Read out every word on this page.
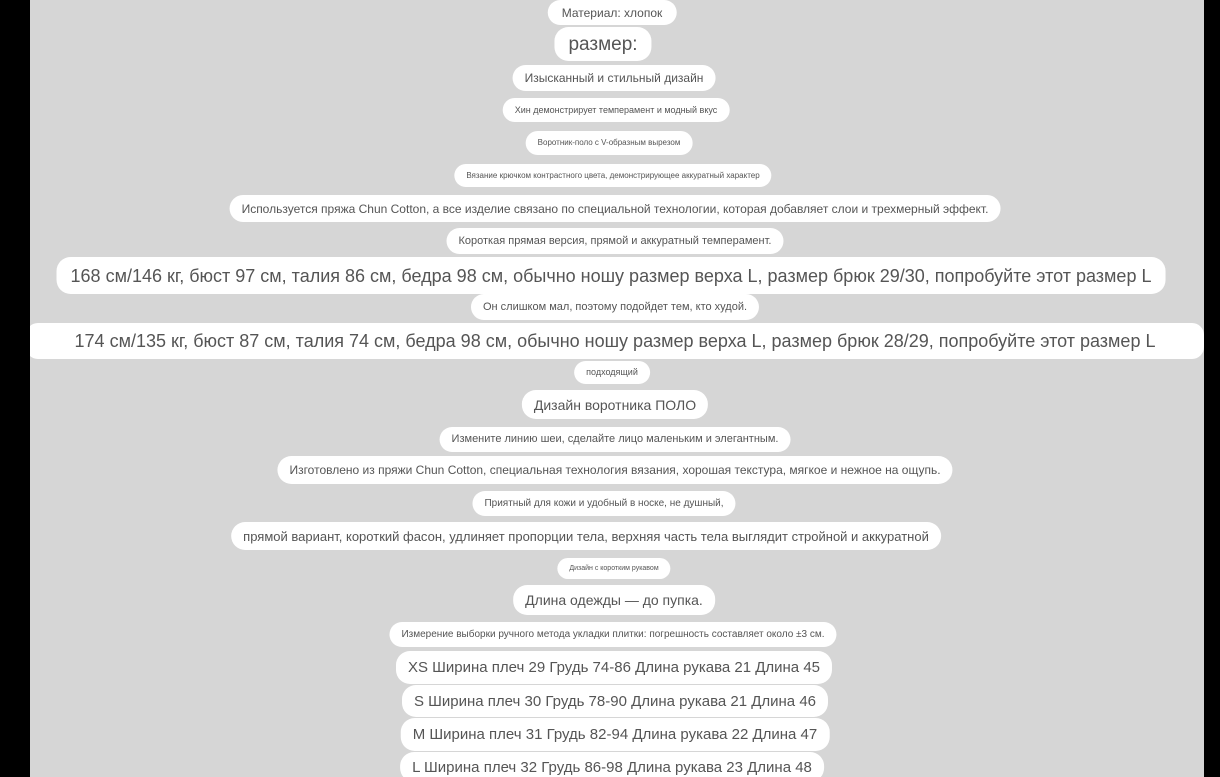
Материал: хлопок
размер:
Изысканный и стильный дизайн
Хин демонстрирует темперамент и модный вкус
Воротник-поло с V-образным вырезом
Вязание крючком контрастного цвета, демонстрирующее аккуратный характер
Используется пряжа Chun Cotton, а все изделие связано по специальной технологии, которая добавляет слои и трехмерный эффект.
Короткая прямая версия, прямой и аккуратный темперамент.
168 см/146 кг, бюст 97 см, талия 86 см, бедра 98 см, обычно ношу размер верха L, размер брюк 29/30, попробуйте этот размер L
Он слишком мал, поэтому подойдет тем, кто худой.
174 см/135 кг, бюст 87 см, талия 74 см, бедра 98 см, обычно ношу размер верха L, размер брюк 28/29, попробуйте этот размер L
подходящий
Дизайн воротника ПОЛО
Измените линию шеи, сделайте лицо маленьким и элегантным.
Изготовлено из пряжи Chun Cotton, специальная технология вязания, хорошая текстура, мягкое и нежное на ощупь.
Приятный для кожи и удобный в носке, не душный,
прямой вариант, короткий фасон, удлиняет пропорции тела, верхняя часть тела выглядит стройной и аккуратной
Дизайн с коротким рукавом
Длина одежды — до пупка.
Измерение выборки ручного метода укладки плитки: погрешность составляет около ±3 см.
XS Ширина плеч 29 Грудь 74-86 Длина рукава 21 Длина 45
S Ширина плеч 30 Грудь 78-90 Длина рукава 21 Длина 46
M Ширина плеч 31 Грудь 82-94 Длина рукава 22 Длина 47
L Ширина плеч 32 Грудь 86-98 Длина рукава 23 Длина 48
